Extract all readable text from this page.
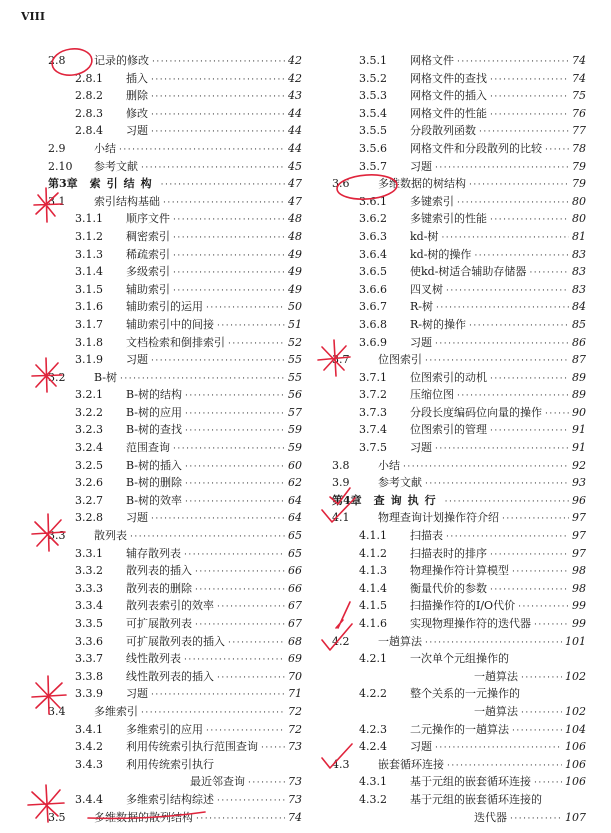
VIII
2.8	记录的修改 ·····	42
2.8.1	插入 ·····	42
2.8.2	删除 ·····	43
2.8.3	修改 ·····	44
2.8.4	习题 ·····	44
2.9	小结 ·····	44
2.10	参考文献 ·····	45
第3章 索引结构 ·····	47
3.1	索引结构基础 ·····	47
3.1.1	顺序文件 ·····	48
3.1.2	稠密索引 ·····	48
3.1.3	稀疏索引 ·····	49
3.1.4	多级索引 ·····	49
3.1.5	辅助索引 ·····	49
3.1.6	辅助索引的运用 ·····	50
3.1.7	辅助索引中的间接 ·····	51
3.1.8	文档检索和倒排索引 ·····	52
3.1.9	习题 ·····	55
3.2	B-树 ·····	55
3.2.1	B-树的结构 ·····	56
3.2.2	B-树的应用 ·····	57
3.2.3	B-树的查找 ·····	59
3.2.4	范围查询 ·····	59
3.2.5	B-树的插入 ·····	60
3.2.6	B-树的删除 ·····	62
3.2.7	B-树的效率 ·····	64
3.2.8	习题 ·····	64
3.3	散列表 ·····	65
3.3.1	辅存散列表 ·····	65
3.3.2	散列表的插入 ·····	66
3.3.3	散列表的删除 ·····	66
3.3.4	散列表索引的效率 ·····	67
3.3.5	可扩展散列表 ·····	67
3.3.6	可扩展散列表的插入 ·····	68
3.3.7	线性散列表 ·····	69
3.3.8	线性散列表的插入 ·····	70
3.3.9	习题 ·····	71
3.4	多维索引 ·····	72
3.4.1	多维索引的应用 ·····	72
3.4.2	利用传统索引执行范围查询 ·····	73
3.4.3	利用传统索引执行
最近邻查询 ·····	73
3.4.4	多维索引结构综述 ·····	73
3.5	多维数据的散列结构 ·····	74
3.5.1	网格文件 ·····	74
3.5.2	网格文件的查找 ·····	74
3.5.3	网格文件的插入 ·····	75
3.5.4	网格文件的性能 ·····	76
3.5.5	分段散列函数 ·····	77
3.5.6	网格文件和分段散列的比较 ·····	78
3.5.7	习题 ·····	79
3.6	多维数据的树结构 ·····	79
3.6.1	多键索引 ·····	80
3.6.2	多键索引的性能 ·····	80
3.6.3	kd-树 ·····	81
3.6.4	kd-树的操作 ·····	83
3.6.5	使kd-树适合辅助存储器 ·····	83
3.6.6	四叉树 ·····	83
3.6.7	R-树 ·····	84
3.6.8	R-树的操作 ·····	85
3.6.9	习题 ·····	86
3.7	位图索引 ·····	87
3.7.1	位图索引的动机 ·····	89
3.7.2	压缩位图 ·····	89
3.7.3	分段长度编码位向量的操作 ·····	90
3.7.4	位图索引的管理 ·····	91
3.7.5	习题 ·····	91
3.8	小结 ·····	92
3.9	参考文献 ·····	93
第4章 查询执行 ·····	96
4.1	物理查询计划操作符介绍 ·····	97
4.1.1	扫描表 ·····	97
4.1.2	扫描表时的排序 ·····	97
4.1.3	物理操作符计算模型 ·····	98
4.1.4	衡量代价的参数 ·····	98
4.1.5	扫描操作符的I/O代价 ·····	99
4.1.6	实现物理操作符的迭代器 ·····	99
4.2	一趟算法 ·····	101
4.2.1	一次单个元组操作的
一趟算法 ·····	102
4.2.2	整个关系的一元操作的
一趟算法 ·····	102
4.2.3	二元操作的一趟算法 ·····	104
4.2.4	习题 ·····	106
4.3	嵌套循环连接 ·····	106
4.3.1	基于元组的嵌套循环连接 ·····	106
4.3.2	基于元组的嵌套循环连接的
迭代器 ·····	107
